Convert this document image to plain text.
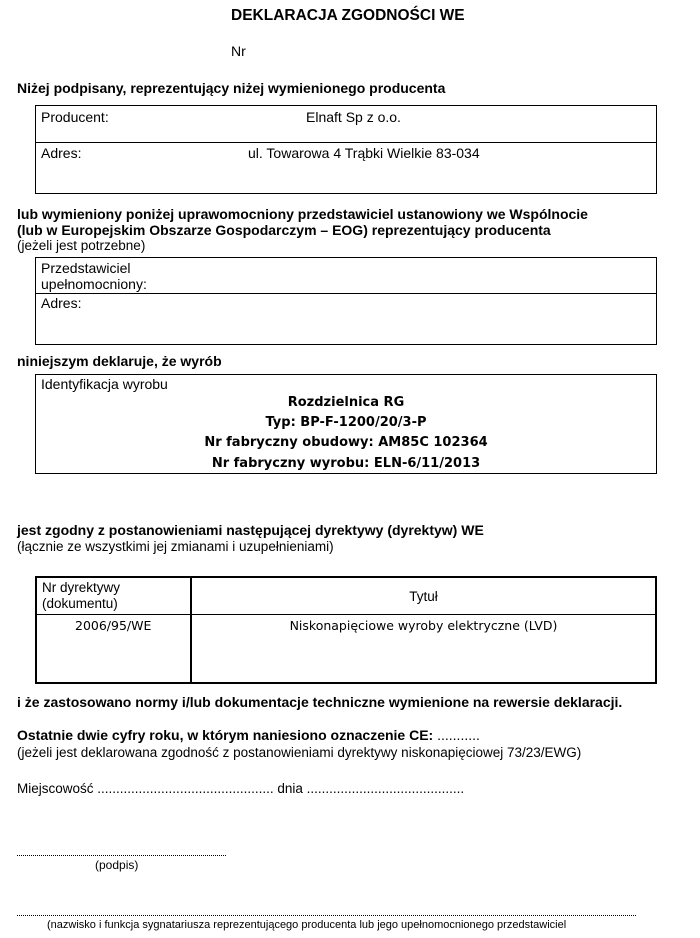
DEKLARACJA ZGODNOŚCI WE
Nr
Niżej podpisany, reprezentujący niżej wymienionego producenta
Producent:	Elnaft Sp z o.o.
Adres:	ul. Towarowa 4 Trąbki Wielkie 83-034
lub wymieniony poniżej uprawomocniony przedstawiciel ustanowiony we Wspólnocie
(lub w Europejskim Obszarze Gospodarczym – EOG) reprezentujący producenta
(jeżeli jest potrzebne)
Przedstawiciel
upełnomocniony:
Adres:
niniejszym deklaruje, że wyrób
Identyfikacja wyrobu
Rozdzielnica RG
Typ: BP-F-1200/20/3-P
Nr fabryczny obudowy: AM85C 102364
Nr fabryczny wyrobu: ELN-6/11/2013
jest zgodny z postanowieniami następującej dyrektywy (dyrektyw) WE
(łącznie ze wszystkimi jej zmianami i uzupełnieniami)
Nr dyrektywy
(dokumentu)	Tytuł
2006/95/WE	Niskonapięciowe wyroby elektryczne (LVD)
i że zastosowano normy i/lub dokumentacje techniczne wymienione na rewersie deklaracji.
Ostatnie dwie cyfry roku, w którym naniesiono oznaczenie CE: ...........
(jeżeli jest deklarowana zgodność z postanowieniami dyrektywy niskonapięciowej 73/23/EWG)
Miejscowość ............................................... dnia ..........................................
(podpis)
(nazwisko i funkcja sygnatariusza reprezentującego producenta lub jego upełnomocnionego przedstawiciel
